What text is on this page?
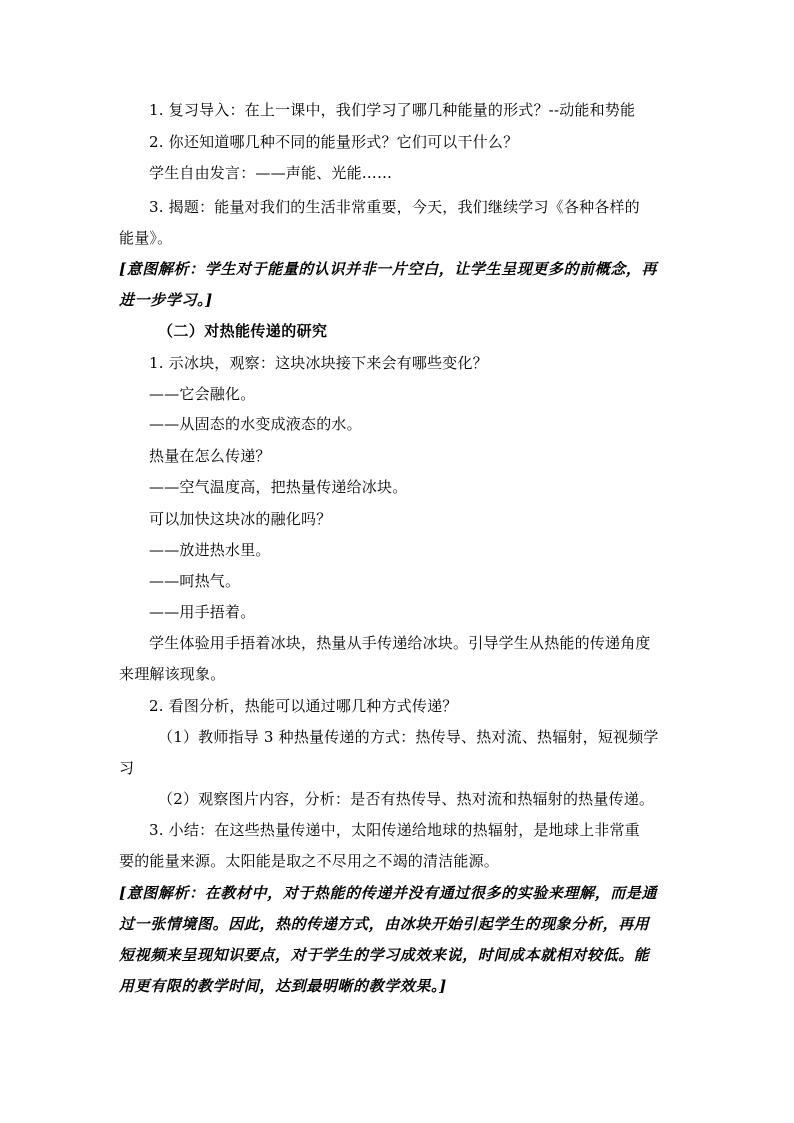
1. 复习导入：在上一课中，我们学习了哪几种能量的形式？--动能和势能
2. 你还知道哪几种不同的能量形式？它们可以干什么？
学生自由发言：——声能、光能……
3. 揭题：能量对我们的生活非常重要，今天，我们继续学习《各种各样的
能量》。
[意图解析：学生对于能量的认识并非一片空白，让学生呈现更多的前概念，再
进一步学习。]
（二）对热能传递的研究
1. 示冰块，观察：这块冰块接下来会有哪些变化？
——它会融化。
——从固态的水变成液态的水。
热量在怎么传递？
——空气温度高，把热量传递给冰块。
可以加快这块冰的融化吗？
——放进热水里。
——呵热气。
——用手捂着。
学生体验用手捂着冰块，热量从手传递给冰块。引导学生从热能的传递角度
来理解该现象。
2. 看图分析，热能可以通过哪几种方式传递？
（1）教师指导 3 种热量传递的方式：热传导、热对流、热辐射，短视频学
习
（2）观察图片内容，分析：是否有热传导、热对流和热辐射的热量传递。
3. 小结：在这些热量传递中，太阳传递给地球的热辐射，是地球上非常重
要的能量来源。太阳能是取之不尽用之不竭的清洁能源。
[意图解析：在教材中，对于热能的传递并没有通过很多的实验来理解，而是通
过一张情境图。因此，热的传递方式，由冰块开始引起学生的现象分析，再用
短视频来呈现知识要点，对于学生的学习成效来说，时间成本就相对较低。能
用更有限的教学时间，达到最明晰的教学效果。]
